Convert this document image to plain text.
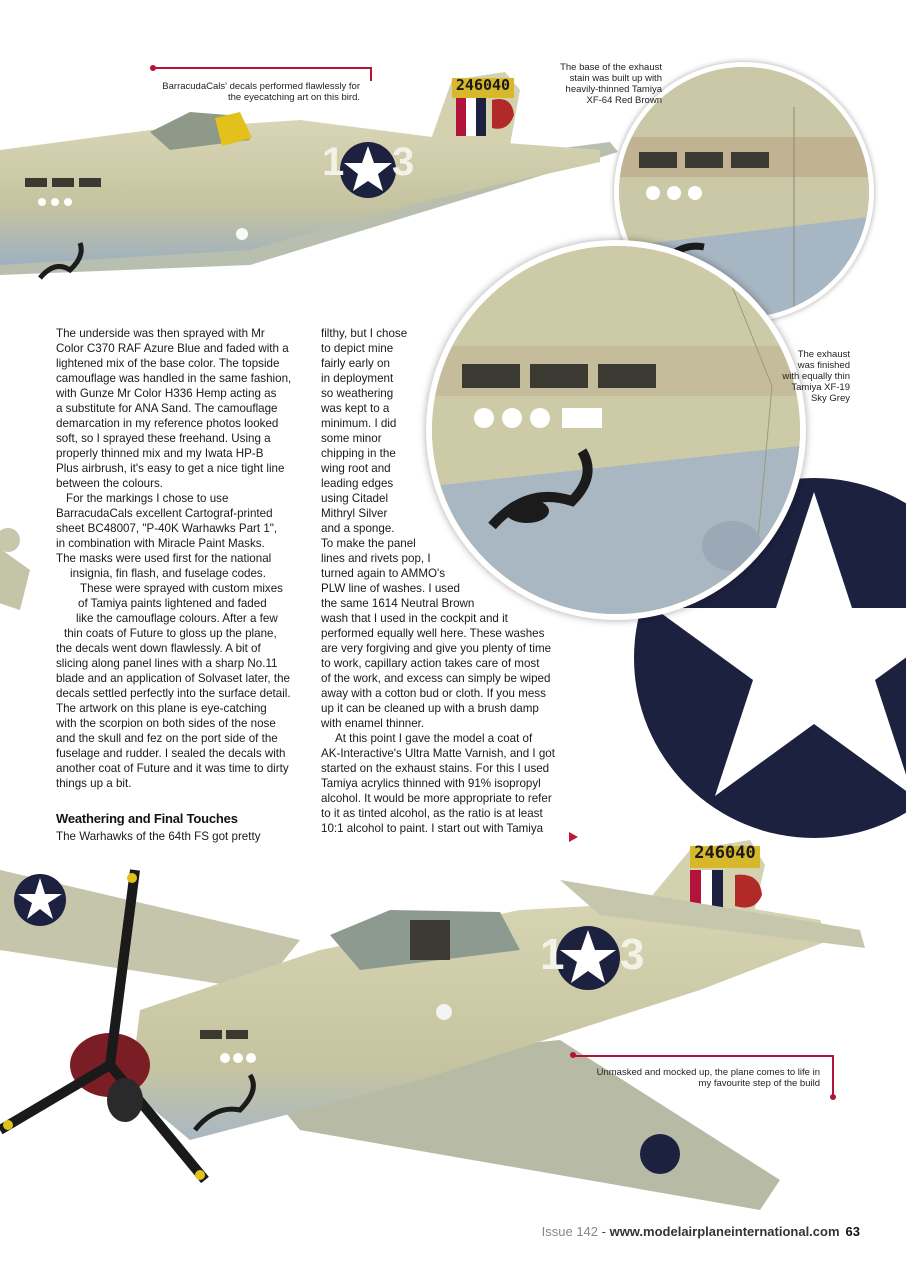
246040
1 3
246040
1 3
BarracudaCals' decals performed flawlessly for the eyecatching art on this bird.
The base of the exhaust stain was built up with heavily-thinned Tamiya XF-64 Red Brown
The exhaust was finished with equally thin Tamiya XF-19 Sky Grey
Unmasked and mocked up, the plane comes to life in my favourite step of the build

The underside was then sprayed with Mr

Color C370 RAF Azure Blue and faded with a

lightened mix of the base color. The topside

camouflage was handled in the same fashion,

with Gunze Mr Color H336 Hemp acting as

a substitute for ANA Sand. The camouflage

demarcation in my reference photos looked

soft, so I sprayed these freehand. Using a

properly thinned mix and my Iwata HP-B

Plus airbrush, it's easy to get a nice tight line

between the colours.

For the markings I chose to use

BarracudaCals excellent Cartograf-printed

sheet BC48007, "P-40K Warhawks Part 1",

in combination with Miracle Paint Masks.

The masks were used first for the national

insignia, fin flash, and fuselage codes.

These were sprayed with custom mixes

of Tamiya paints lightened and faded

like the camouflage colours. After a few

thin coats of Future to gloss up the plane,

the decals went down flawlessly. A bit of

slicing along panel lines with a sharp No.11

blade and an application of Solvaset later, the

decals settled perfectly into the surface detail.

The artwork on this plane is eye-catching

with the scorpion on both sides of the nose

and the skull and fez on the port side of the

fuselage and rudder. I sealed the decals with

another coat of Future and it was time to dirty

things up a bit.

Weathering and Final Touches
The Warhawks of the 64th FS got pretty

filthy, but I chose

to depict mine

fairly early on

in deployment

so weathering

was kept to a

minimum. I did

some minor

chipping in the

wing root and

leading edges

using Citadel

Mithryl Silver

and a sponge.

To make the panel

lines and rivets pop, I

turned again to AMMO's

PLW line of washes. I used

the same 1614 Neutral Brown

wash that I used in the cockpit and it

performed equally well here. These washes

are very forgiving and give you plenty of time

to work, capillary action takes care of most

of the work, and excess can simply be wiped

away with a cotton bud or cloth. If you mess

up it can be cleaned up with a brush damp

with enamel thinner.

At this point I gave the model a coat of

AK-Interactive's Ultra Matte Varnish, and I got

started on the exhaust stains. For this I used

Tamiya acrylics thinned with 91% isopropyl

alcohol. It would be more appropriate to refer

to it as tinted alcohol, as the ratio is at least

10:1 alcohol to paint. I start out with Tamiya

Issue 142 - www.modelairplaneinternational.com 63
